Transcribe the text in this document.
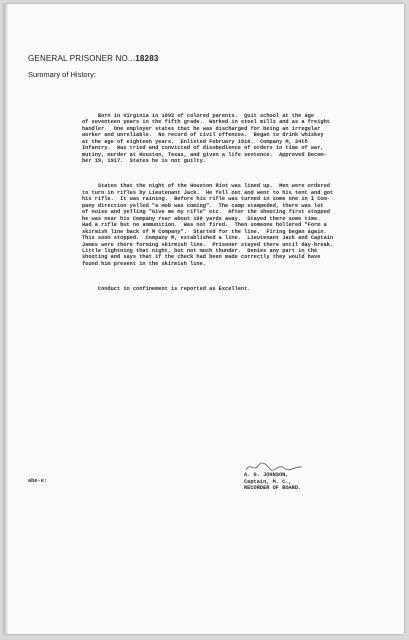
GENERAL PRISONER NO...18283
Summary of History:

Born in Virginia in 1892 of colored parents.  Quit school at the age
of seventeen years in the fifth grade.  Worked in steel mills and as a freight
handler.  One employer states that he was discharged for being an irregular
worker and unreliable.  No record of civil offences.  Began to drink whiskey
at the age of eighteen years.  Enlisted February 1916.  Company M, 24th
Infantry.  Was tried and convicted of disobedience of orders in time of war,
mutiny, murder at Houston, Texas, and given a life sentence.  Approved Decem-
ber 19, 1917.  States he is not guilty.

States that the night of the Houston Riot was lined up.  Men were ordered
to turn in rifles by Lieutenant Jack.  He fell out and went to his tent and got
his rifle.  It was raining.  Before his rifle was turned in some one in I Com-
pany direction yelled "a mob was coming".  The camp stampeded, there was lot
of noise and yelling "Give me my rifle" etc.  After the shooting first stopped
he was near his Company rear about 100 yards away.  Stayed there some time.
Had a rifle but no ammunition.  Was not fired.  Then someone hollered "Form a
skirmish line back of M Company".  Started for the line.  Firing began again.
This soon stopped.  Company M, established a line.  Lieutenant Jack and Captain
James were there forming skirmish line.  Prisoner stayed there until day-break.
Little lightning that night, but not much thunder.  Denies any part in the
shooting and says that if the check had been made correctly they would have
found him present in the skirmish line.

Conduct in confinement is reported as Excellent.

A. G. JOHNSON,
Captain, M. C.,
RECORDER OF BOARD.
abe-e:
